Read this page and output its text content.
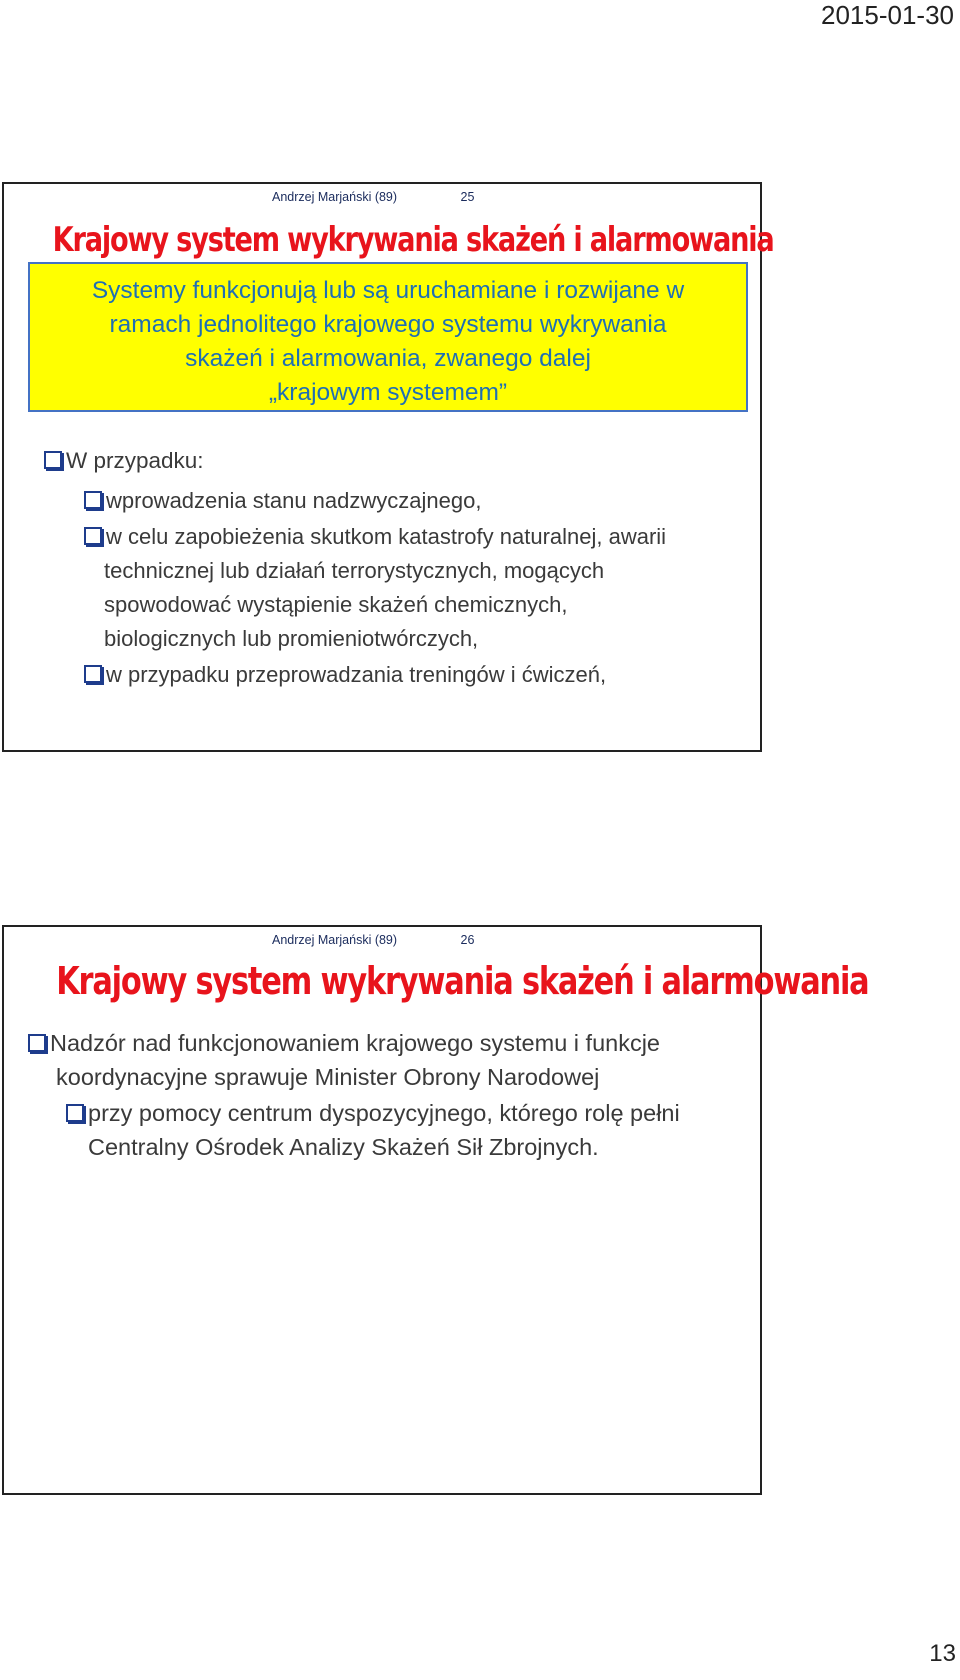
2015-01-30
Andrzej Marjański (89)	25
Krajowy system wykrywania skażeń i alarmowania
Systemy funkcjonują lub są uruchamiane i rozwijane w
ramach jednolitego krajowego systemu wykrywania
skażeń i alarmowania, zwanego dalej
„krajowym systemem”
W przypadku:
wprowadzenia stanu nadzwyczajnego,
w celu zapobieżenia skutkom katastrofy naturalnej, awarii
technicznej lub działań terrorystycznych, mogących
spowodować wystąpienie skażeń chemicznych,
biologicznych lub promieniotwórczych,
w przypadku przeprowadzania treningów i ćwiczeń,
Andrzej Marjański (89)	26
Krajowy system wykrywania skażeń i alarmowania
Nadzór nad funkcjonowaniem krajowego systemu i funkcje
koordynacyjne sprawuje Minister Obrony Narodowej
przy pomocy centrum dyspozycyjnego, którego rolę pełni
Centralny Ośrodek Analizy Skażeń Sił Zbrojnych.
13
